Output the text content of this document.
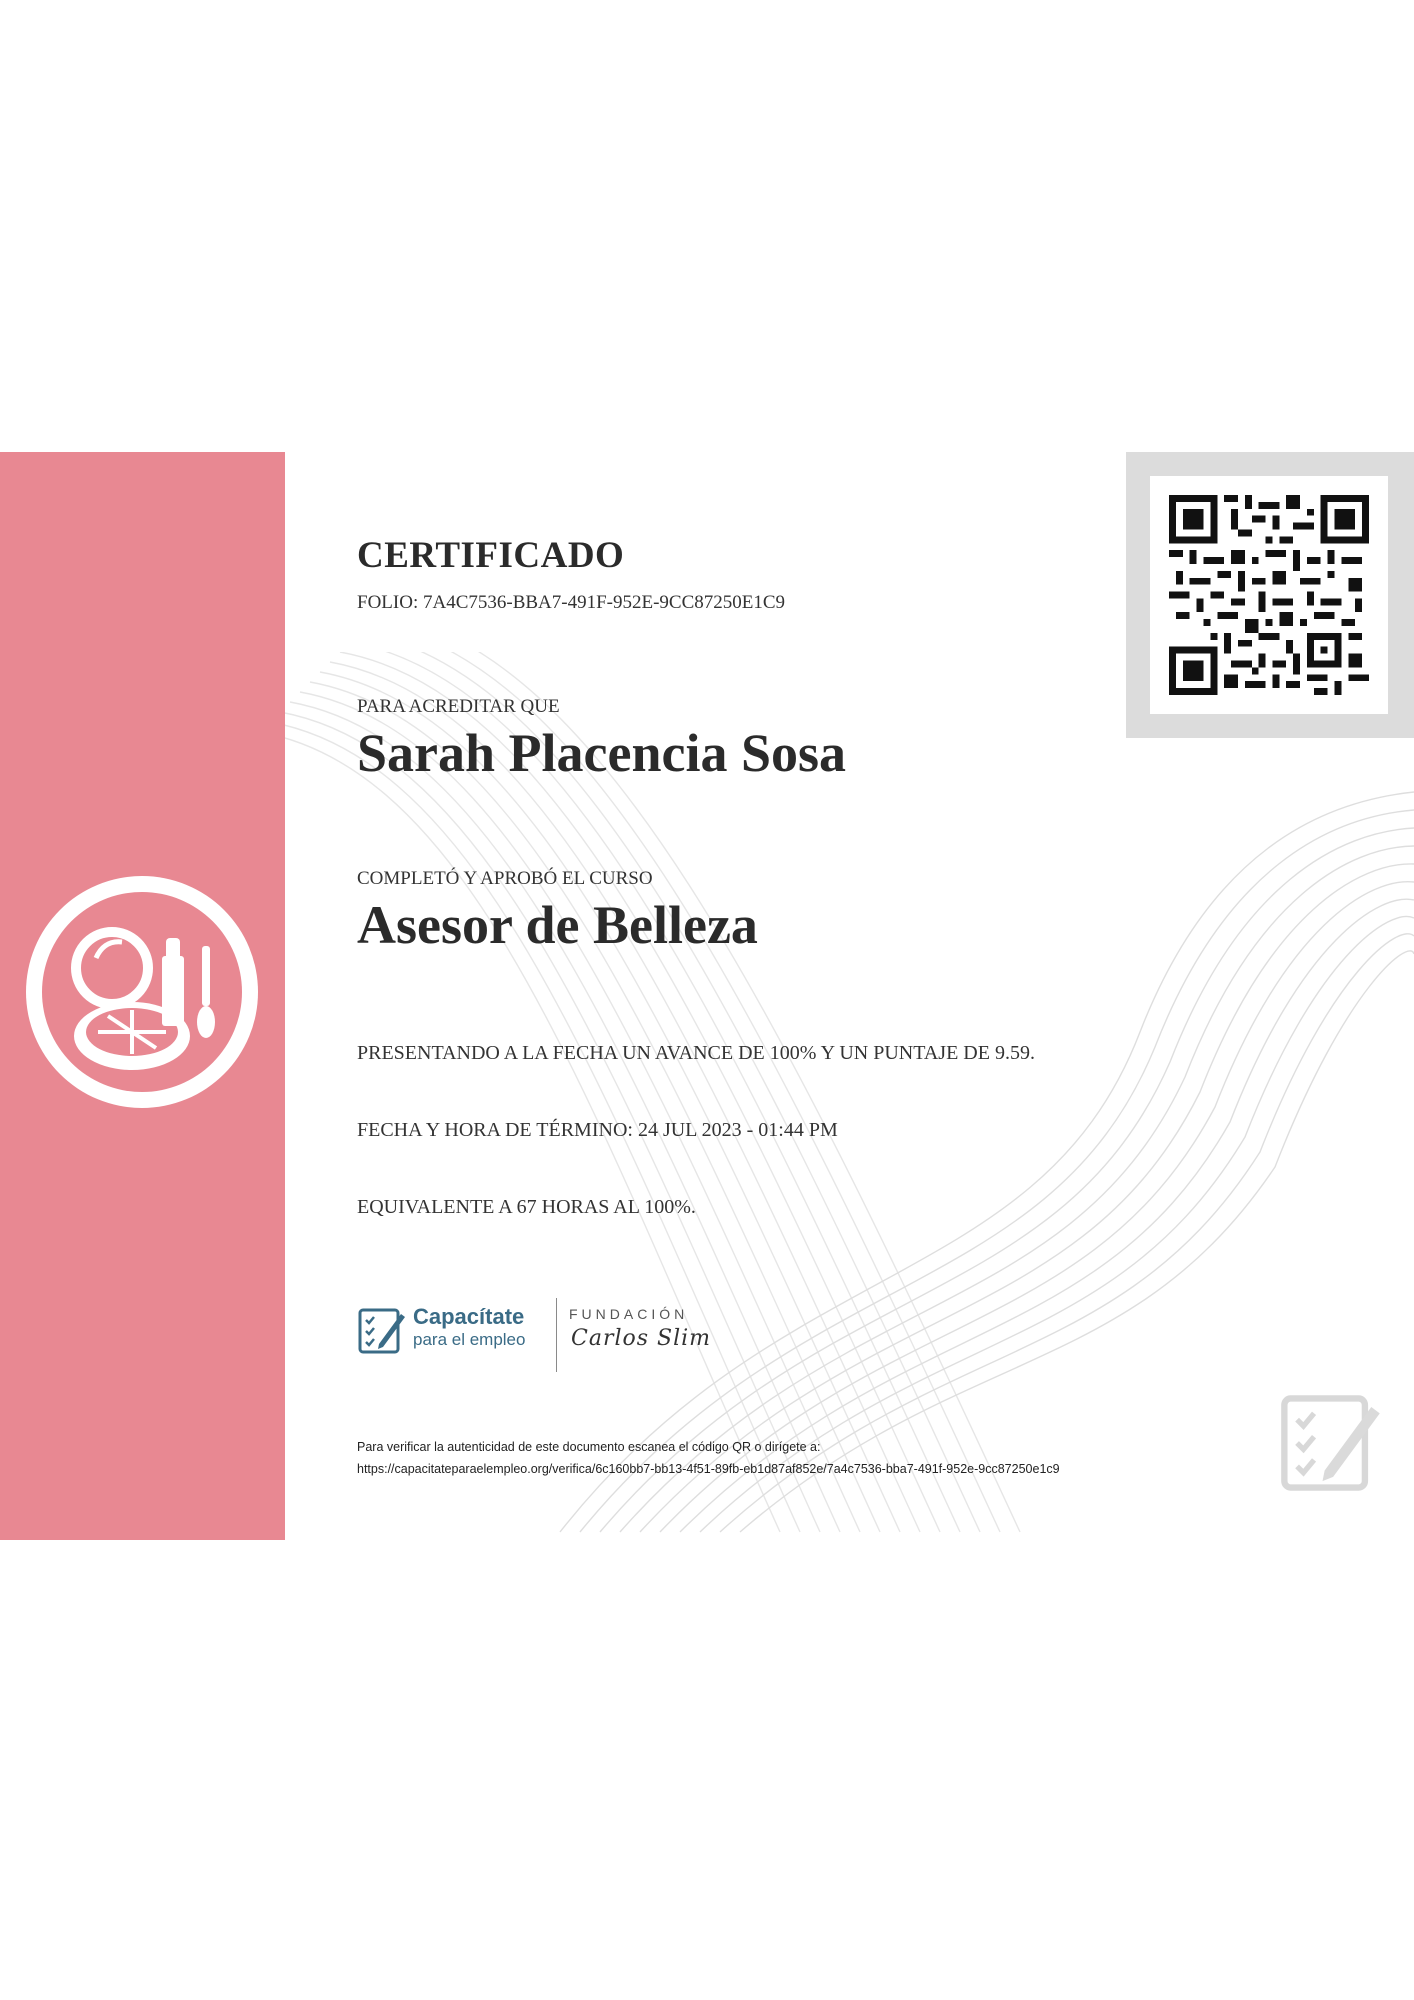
CERTIFICADO
FOLIO: 7A4C7536-BBA7-491F-952E-9CC87250E1C9
PARA ACREDITAR QUE
Sarah Placencia Sosa
COMPLETÓ Y APROBÓ EL CURSO
Asesor de Belleza
PRESENTANDO A LA FECHA UN AVANCE DE 100% Y UN PUNTAJE DE 9.59.
FECHA Y HORA DE TÉRMINO: 24 JUL 2023 - 01:44 PM
EQUIVALENTE A 67 HORAS AL 100%.
Capacítate
para el empleo
FUNDACIÓN
Carlos Slim
Para verificar la autenticidad de este documento escanea el código QR o dirígete a:
https://capacitateparaelempleo.org/verifica/6c160bb7-bb13-4f51-89fb-eb1d87af852e/7a4c7536-bba7-491f-952e-9cc87250e1c9
